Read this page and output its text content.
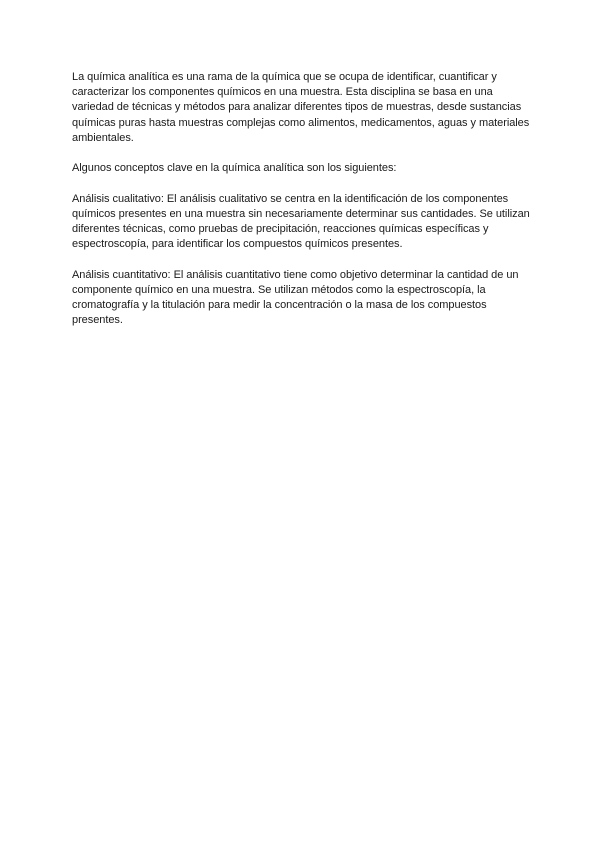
La química analítica es una rama de la química que se ocupa de identificar, cuantificar y caracterizar los componentes químicos en una muestra. Esta disciplina se basa en una variedad de técnicas y métodos para analizar diferentes tipos de muestras, desde sustancias químicas puras hasta muestras complejas como alimentos, medicamentos, aguas y materiales ambientales.

Algunos conceptos clave en la química analítica son los siguientes:

Análisis cualitativo: El análisis cualitativo se centra en la identificación de los componentes químicos presentes en una muestra sin necesariamente determinar sus cantidades. Se utilizan diferentes técnicas, como pruebas de precipitación, reacciones químicas específicas y espectroscopía, para identificar los compuestos químicos presentes.

Análisis cuantitativo: El análisis cuantitativo tiene como objetivo determinar la cantidad de un componente químico en una muestra. Se utilizan métodos como la espectroscopía, la cromatografía y la titulación para medir la concentración o la masa de los compuestos presentes.
